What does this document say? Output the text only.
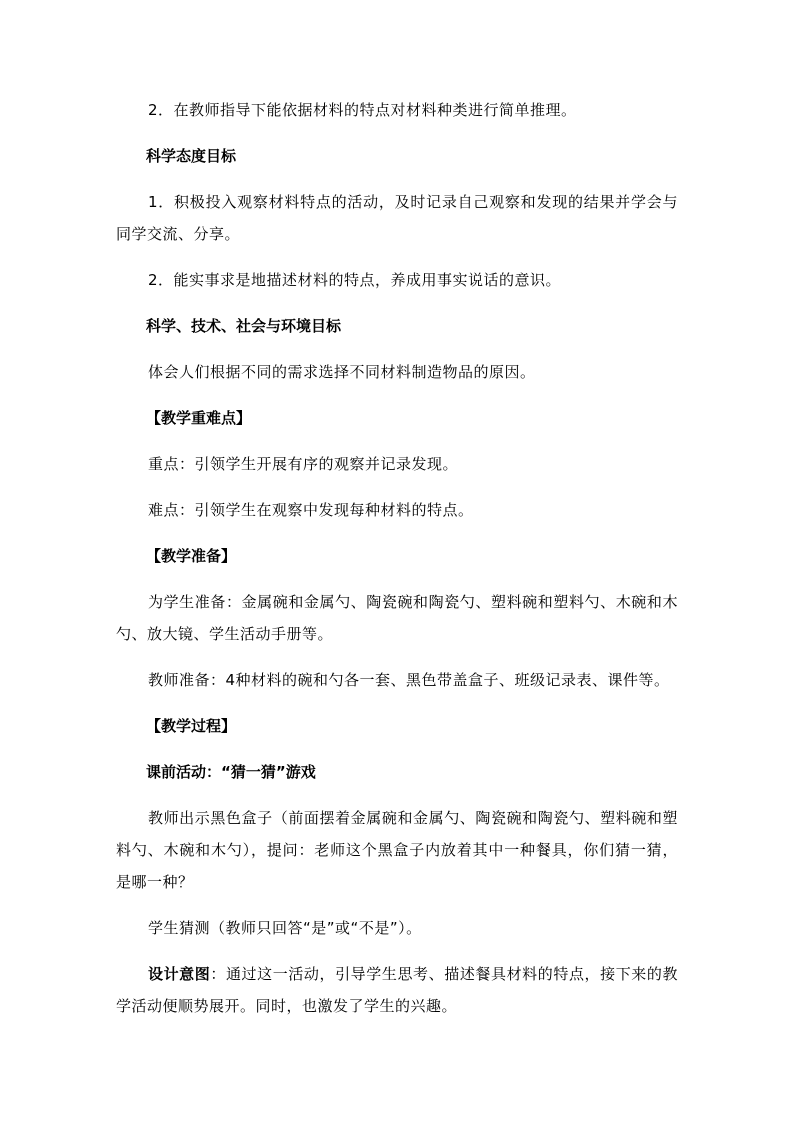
2．在教师指导下能依据材料的特点对材料种类进行简单推理。

科学态度目标

1．积极投入观察材料特点的活动，及时记录自己观察和发现的结果并学会与同学交流、分享。

2．能实事求是地描述材料的特点，养成用事实说话的意识。

科学、技术、社会与环境目标

体会人们根据不同的需求选择不同材料制造物品的原因。

【教学重难点】

重点：引领学生开展有序的观察并记录发现。

难点：引领学生在观察中发现每种材料的特点。

【教学准备】

为学生准备：金属碗和金属勺、陶瓷碗和陶瓷勺、塑料碗和塑料勺、木碗和木勺、放大镜、学生活动手册等。

教师准备：4种材料的碗和勺各一套、黑色带盖盒子、班级记录表、课件等。

【教学过程】

课前活动：“猜一猜”游戏

教师出示黑色盒子（前面摆着金属碗和金属勺、陶瓷碗和陶瓷勺、塑料碗和塑料勺、木碗和木勺），提问：老师这个黑盒子内放着其中一种餐具，你们猜一猜，是哪一种？

学生猜测（教师只回答“是”或“不是”）。

设计意图：通过这一活动，引导学生思考、描述餐具材料的特点，接下来的教学活动便顺势展开。同时，也激发了学生的兴趣。
